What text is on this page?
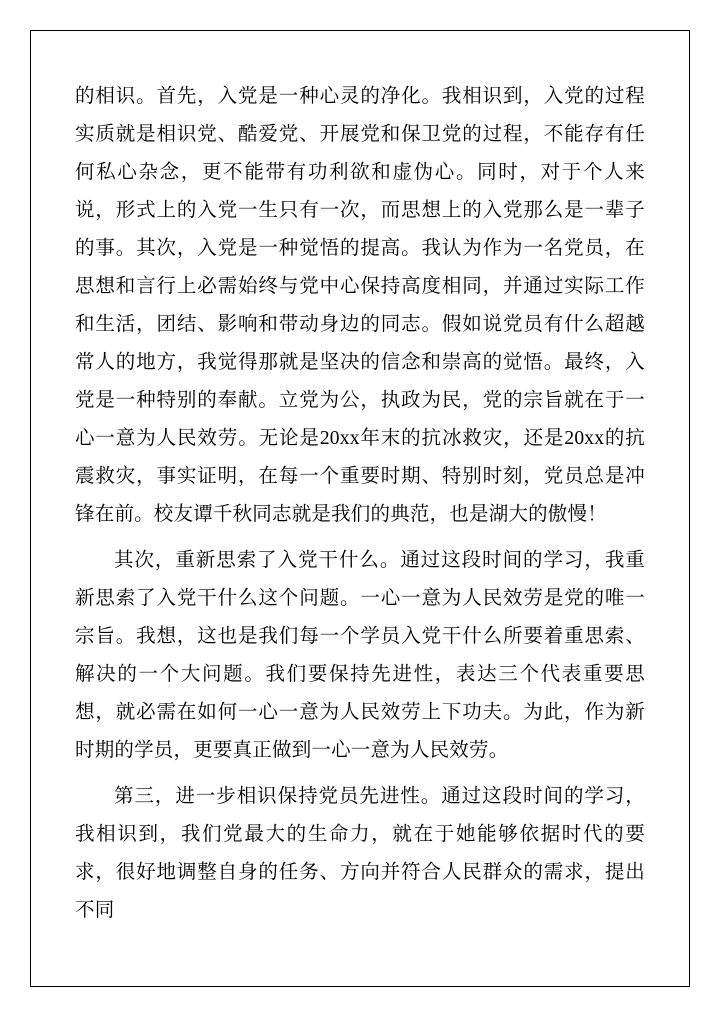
的相识。首先，入党是一种心灵的净化。我相识到，入党的过程实质就是相识党、酷爱党、开展党和保卫党的过程，不能存有任何私心杂念，更不能带有功利欲和虚伪心。同时，对于个人来说，形式上的入党一生只有一次，而思想上的入党那么是一辈子的事。其次，入党是一种觉悟的提高。我认为作为一名党员，在思想和言行上必需始终与党中心保持高度相同，并通过实际工作和生活，团结、影响和带动身边的同志。假如说党员有什么超越常人的地方，我觉得那就是坚决的信念和崇高的觉悟。最终，入党是一种特别的奉献。立党为公，执政为民，党的宗旨就在于一心一意为人民效劳。无论是20xx年末的抗冰救灾，还是20xx的抗震救灾，事实证明，在每一个重要时期、特别时刻，党员总是冲锋在前。校友谭千秋同志就是我们的典范，也是湖大的傲慢！

其次，重新思索了入党干什么。通过这段时间的学习，我重新思索了入党干什么这个问题。一心一意为人民效劳是党的唯一宗旨。我想，这也是我们每一个学员入党干什么所要着重思索、解决的一个大问题。我们要保持先进性，表达三个代表重要思想，就必需在如何一心一意为人民效劳上下功夫。为此，作为新时期的学员，更要真正做到一心一意为人民效劳。

第三，进一步相识保持党员先进性。通过这段时间的学习，我相识到，我们党最大的生命力，就在于她能够依据时代的要求，很好地调整自身的任务、方向并符合人民群众的需求，提出不同
